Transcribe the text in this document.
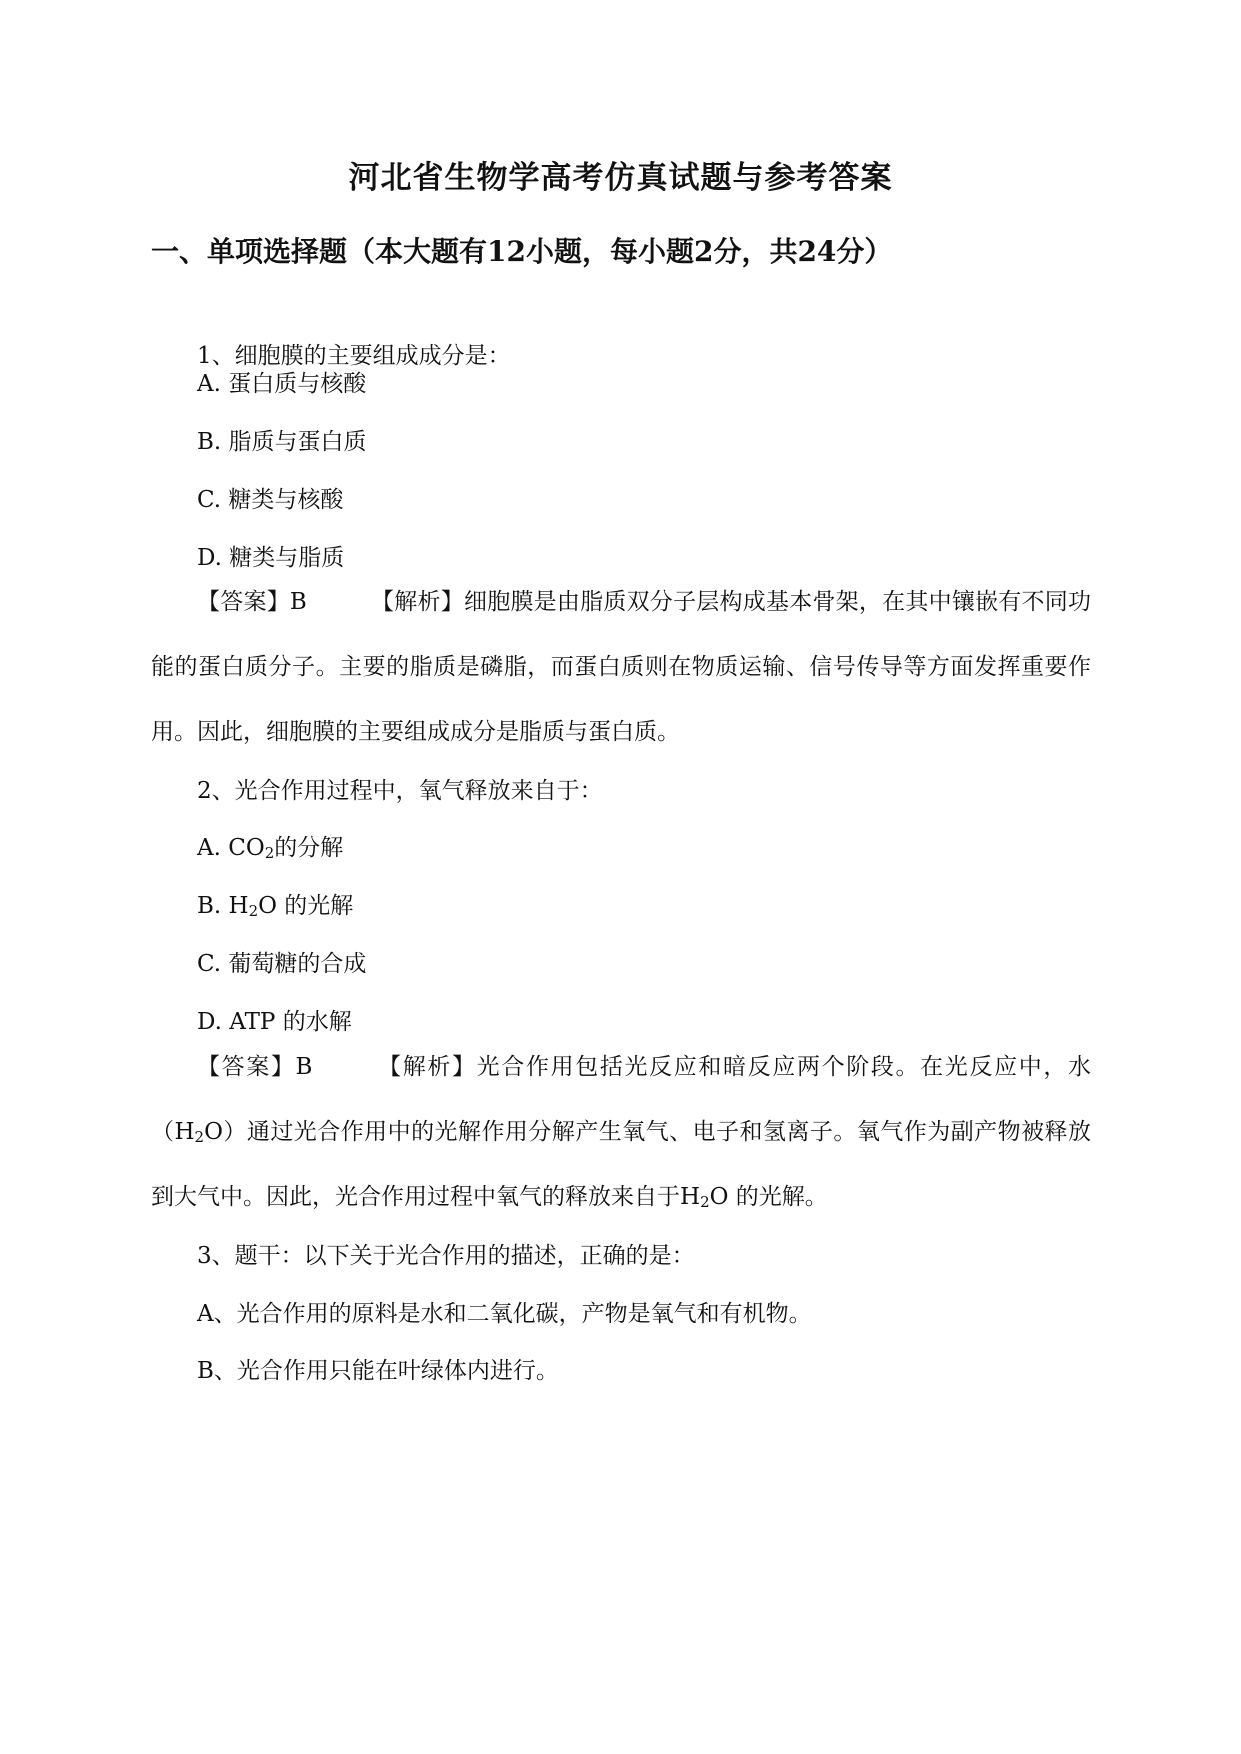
河北省生物学高考仿真试题与参考答案
一、单项选择题（本大题有12小题，每小题2分，共24分）
1、细胞膜的主要组成成分是：
A. 蛋白质与核酸
B. 脂质与蛋白质
C. 糖类与核酸
D. 糖类与脂质
【答案】B	【解析】细胞膜是由脂质双分子层构成基本骨架，在其中镶嵌有不同功能的蛋白质分子。主要的脂质是磷脂，而蛋白质则在物质运输、信号传导等方面发挥重要作用。因此，细胞膜的主要组成成分是脂质与蛋白质。
2、光合作用过程中，氧气释放来自于：
A. $CO_2$的分解
B. $H_2O$ 的光解
C. 葡萄糖的合成
D. ATP 的水解
【答案】B	【解析】光合作用包括光反应和暗反应两个阶段。在光反应中，水$(H_2O)$通过光合作用中的光解作用分解产生氧气、电子和氢离子。氧气作为副产物被释放到大气中。因此，光合作用过程中氧气的释放来自于$H_2O$ 的光解。
3、题干：以下关于光合作用的描述，正确的是：
A、光合作用的原料是水和二氧化碳，产物是氧气和有机物。
B、光合作用只能在叶绿体内进行。
